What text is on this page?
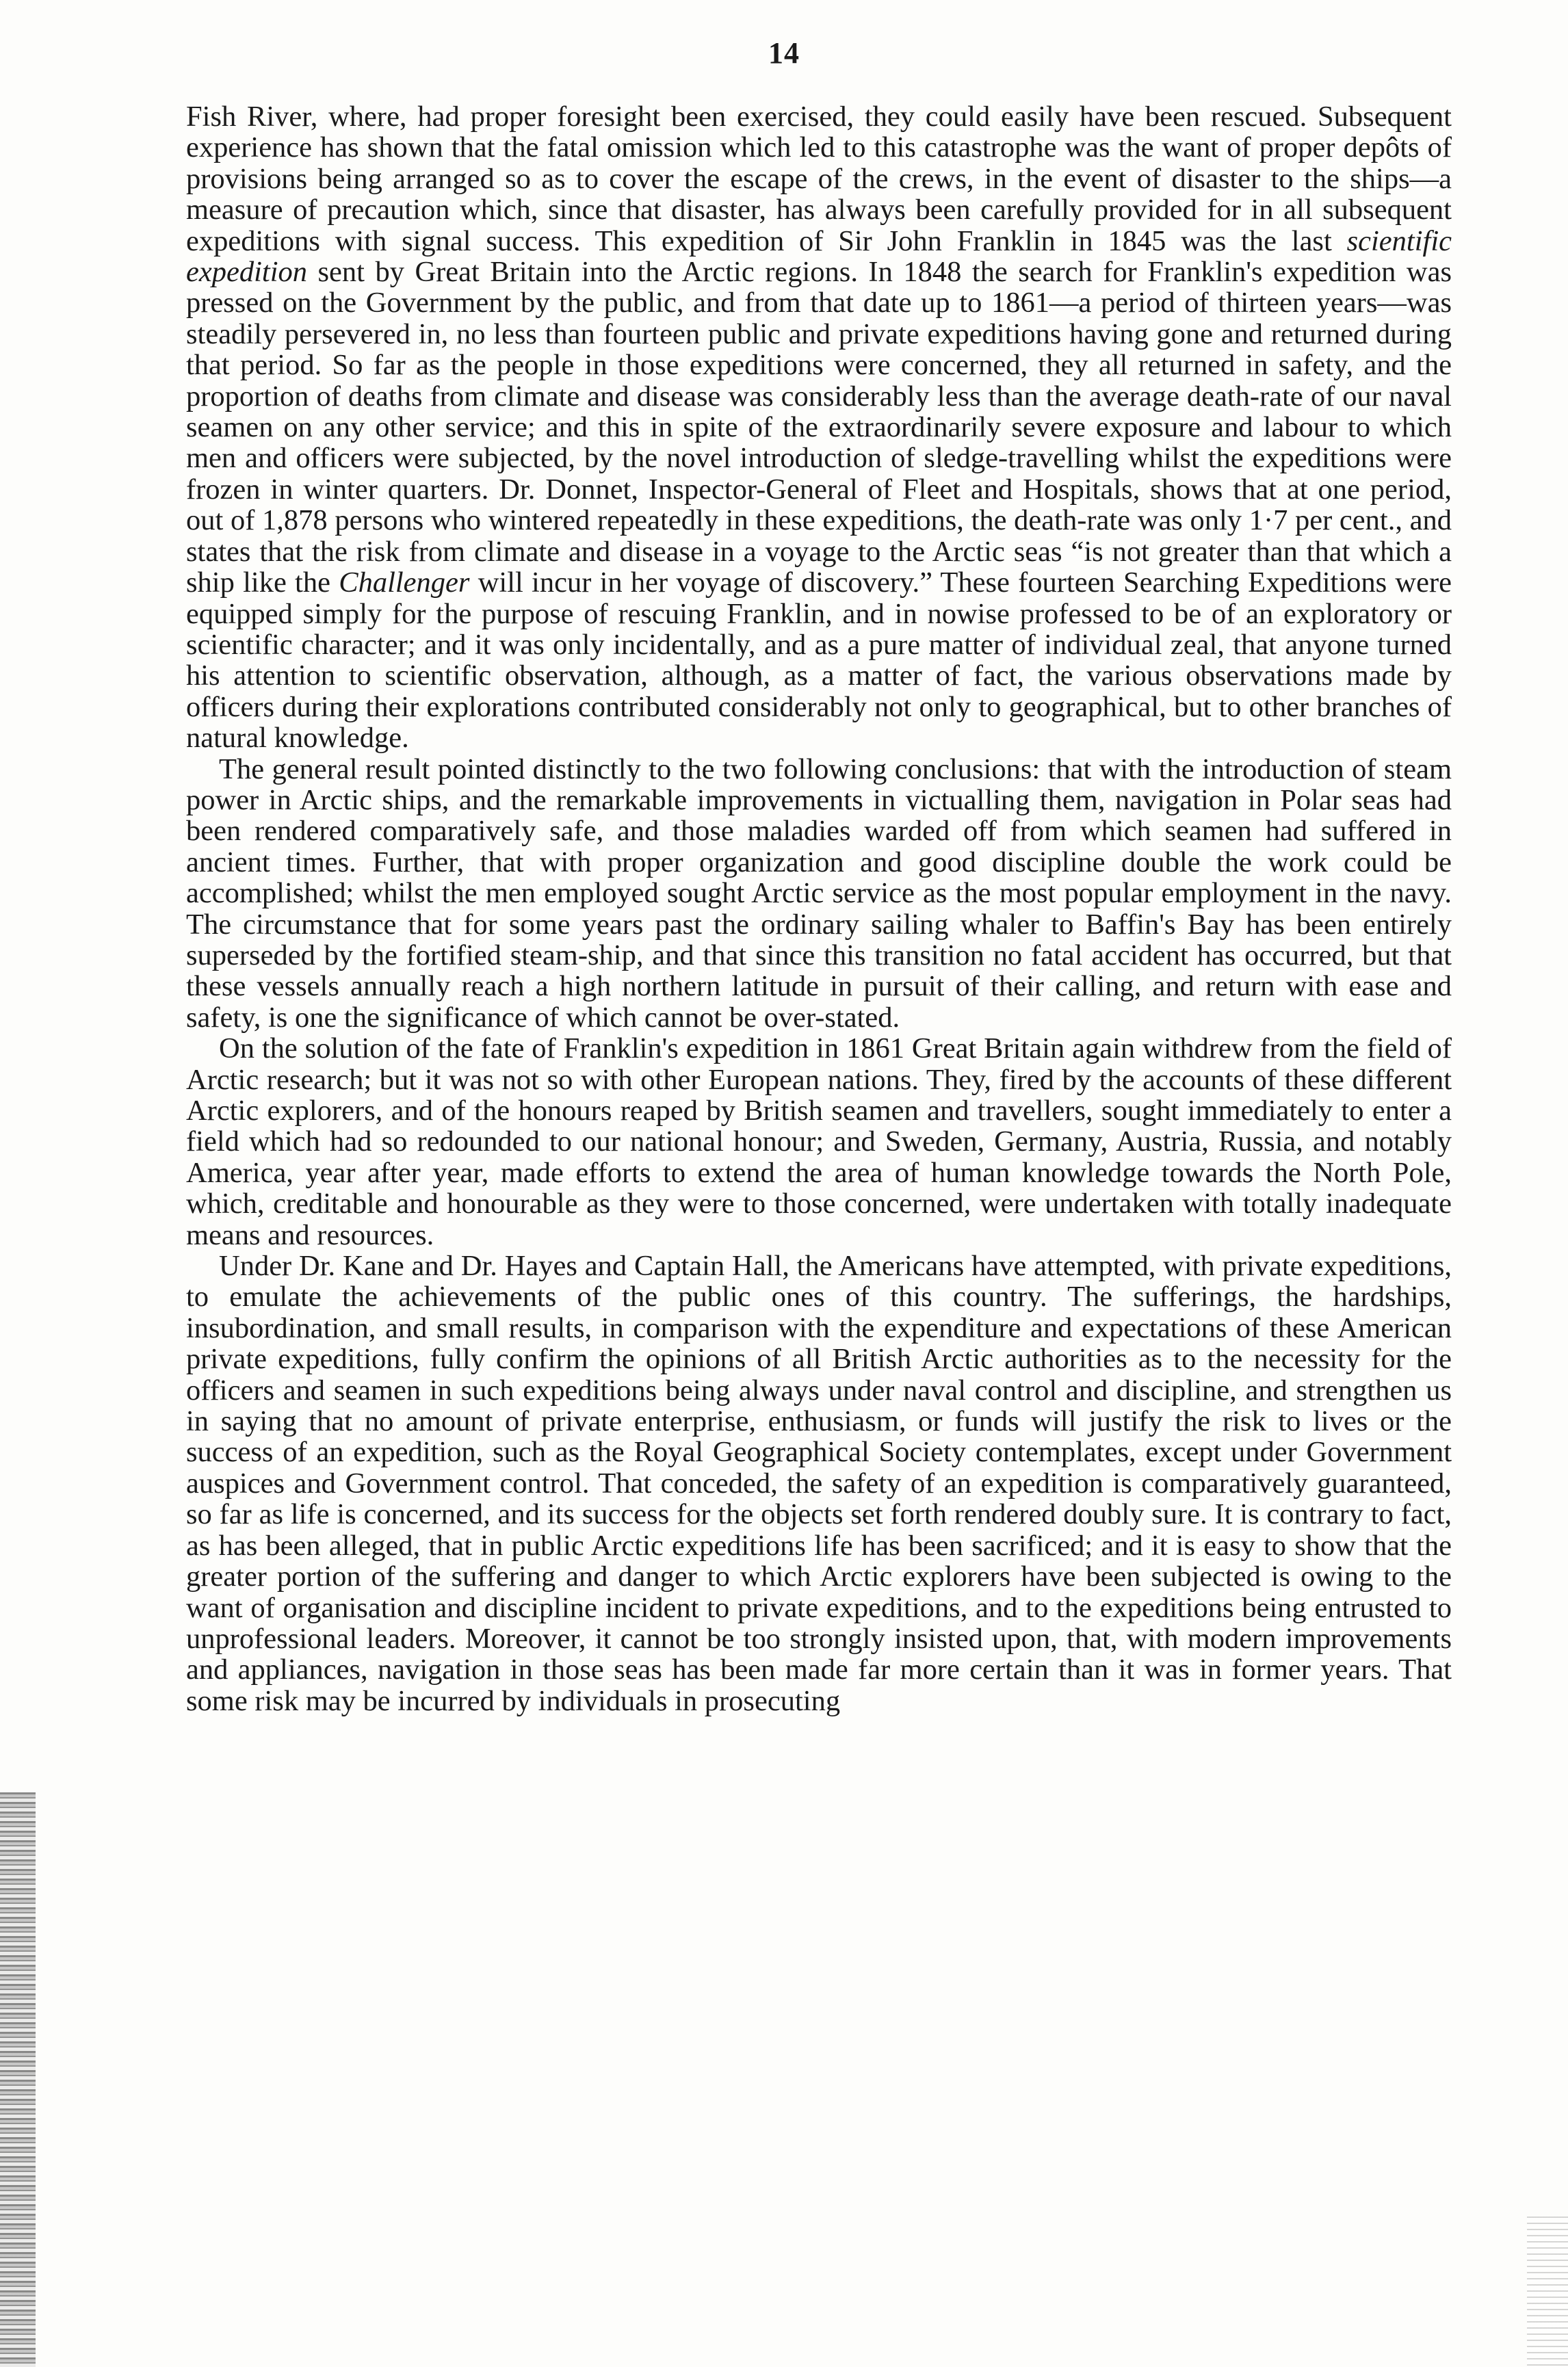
14

Fish River, where, had proper foresight been exercised, they could easily have been rescued. Subsequent experience has shown that the fatal omission which led to this catastrophe was the want of proper depôts of provisions being arranged so as to cover the escape of the crews, in the event of disaster to the ships—a measure of precaution which, since that disaster, has always been carefully provided for in all subsequent expeditions with signal success. This expedition of Sir John Franklin in 1845 was the last scientific expedition sent by Great Britain into the Arctic regions. In 1848 the search for Franklin's expedition was pressed on the Government by the public, and from that date up to 1861—a period of thirteen years—was steadily persevered in, no less than fourteen public and private expeditions having gone and returned during that period. So far as the people in those expeditions were concerned, they all returned in safety, and the proportion of deaths from climate and disease was considerably less than the average death-rate of our naval seamen on any other service; and this in spite of the extraordinarily severe exposure and labour to which men and officers were subjected, by the novel introduction of sledge-travelling whilst the expeditions were frozen in winter quarters. Dr. Donnet, Inspector-General of Fleet and Hospitals, shows that at one period, out of 1,878 persons who wintered repeatedly in these expeditions, the death-rate was only 1·7 per cent., and states that the risk from climate and disease in a voyage to the Arctic seas “is not greater than that which a ship like the Challenger will incur in her voyage of discovery.” These fourteen Searching Expeditions were equipped simply for the purpose of rescuing Franklin, and in nowise professed to be of an exploratory or scientific character; and it was only incidentally, and as a pure matter of individual zeal, that anyone turned his attention to scientific observation, although, as a matter of fact, the various observations made by officers during their explorations contributed considerably not only to geographical, but to other branches of natural knowledge.

The general result pointed distinctly to the two following conclusions: that with the introduction of steam power in Arctic ships, and the remarkable improvements in victualling them, navigation in Polar seas had been rendered comparatively safe, and those maladies warded off from which seamen had suffered in ancient times. Further, that with proper organization and good discipline double the work could be accomplished; whilst the men employed sought Arctic service as the most popular employment in the navy. The circumstance that for some years past the ordinary sailing whaler to Baffin's Bay has been entirely superseded by the fortified steam-ship, and that since this transition no fatal accident has occurred, but that these vessels annually reach a high northern latitude in pursuit of their calling, and return with ease and safety, is one the significance of which cannot be over-stated.

On the solution of the fate of Franklin's expedition in 1861 Great Britain again withdrew from the field of Arctic research; but it was not so with other European nations. They, fired by the accounts of these different Arctic explorers, and of the honours reaped by British seamen and travellers, sought immediately to enter a field which had so redounded to our national honour; and Sweden, Germany, Austria, Russia, and notably America, year after year, made efforts to extend the area of human knowledge towards the North Pole, which, creditable and honourable as they were to those concerned, were undertaken with totally inadequate means and resources.

Under Dr. Kane and Dr. Hayes and Captain Hall, the Americans have attempted, with private expeditions, to emulate the achievements of the public ones of this country. The sufferings, the hardships, insubordination, and small results, in comparison with the expenditure and expectations of these American private expeditions, fully confirm the opinions of all British Arctic authorities as to the necessity for the officers and seamen in such expeditions being always under naval control and discipline, and strengthen us in saying that no amount of private enterprise, enthusiasm, or funds will justify the risk to lives or the success of an expedition, such as the Royal Geographical Society contemplates, except under Government auspices and Government control. That conceded, the safety of an expedition is comparatively guaranteed, so far as life is concerned, and its success for the objects set forth rendered doubly sure. It is contrary to fact, as has been alleged, that in public Arctic expeditions life has been sacrificed; and it is easy to show that the greater portion of the suffering and danger to which Arctic explorers have been subjected is owing to the want of organisation and discipline incident to private expeditions, and to the expeditions being entrusted to unprofessional leaders. Moreover, it cannot be too strongly insisted upon, that, with modern improvements and appliances, navigation in those seas has been made far more certain than it was in former years. That some risk may be incurred by individuals in prosecuting
